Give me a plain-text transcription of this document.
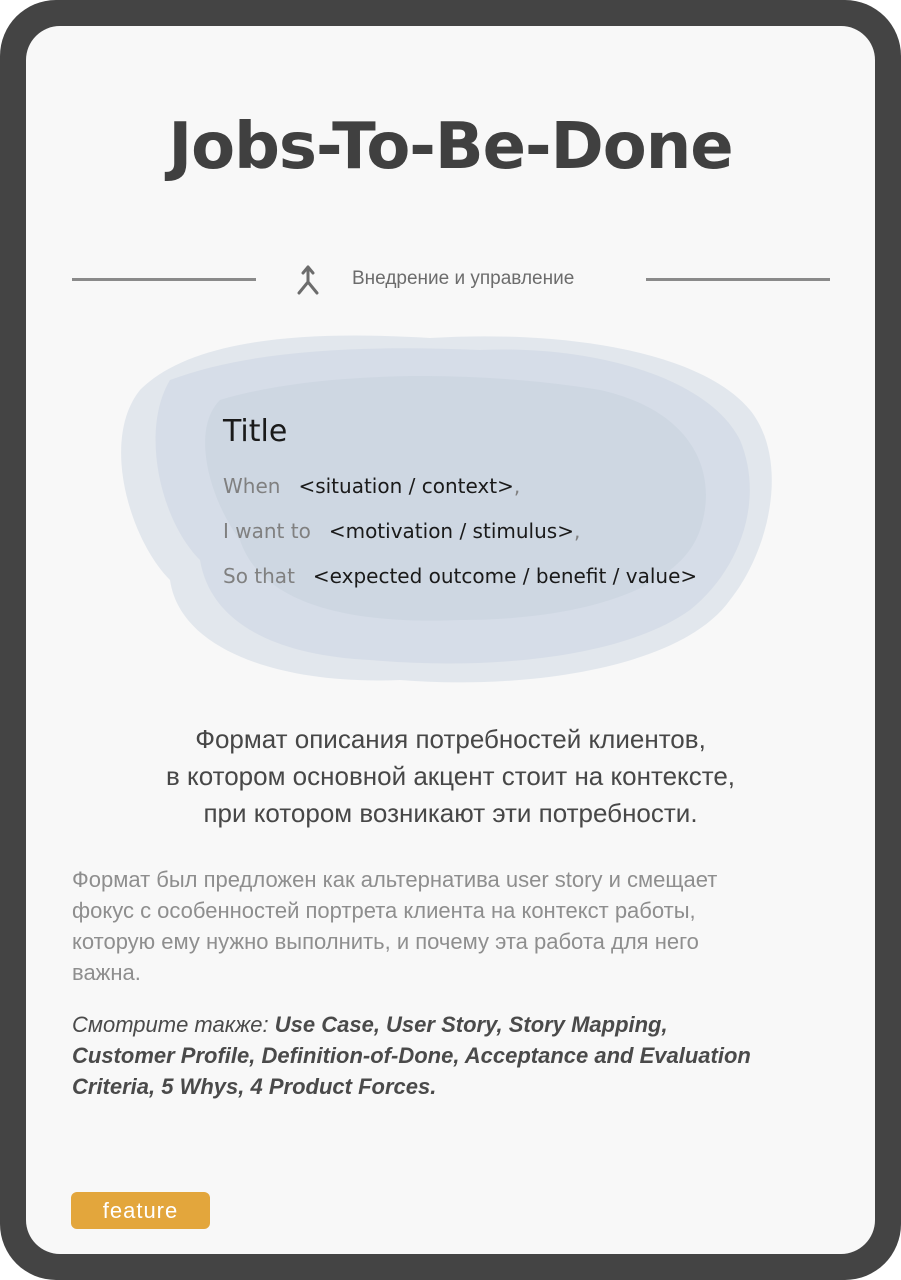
Jobs-To-Be-Done
Внедрение и управление
Title
When <situation / context>,
I want to <motivation / stimulus>,
So that <expected outcome / benefit / value>

Формат описания потребностей клиентов,
в котором основной акцент стоит на контексте,
при котором возникают эти потребности.

Формат был предложен как альтернатива user story и смещает
фокус с особенностей портрета клиента на контекст работы,
которую ему нужно выполнить, и почему эта работа для него
важна.

Смотрите также: Use Case, User Story, Story Mapping,
Customer Profile, Definition-of-Done, Acceptance and Evaluation
Criteria, 5 Whys, 4 Product Forces.

feature
